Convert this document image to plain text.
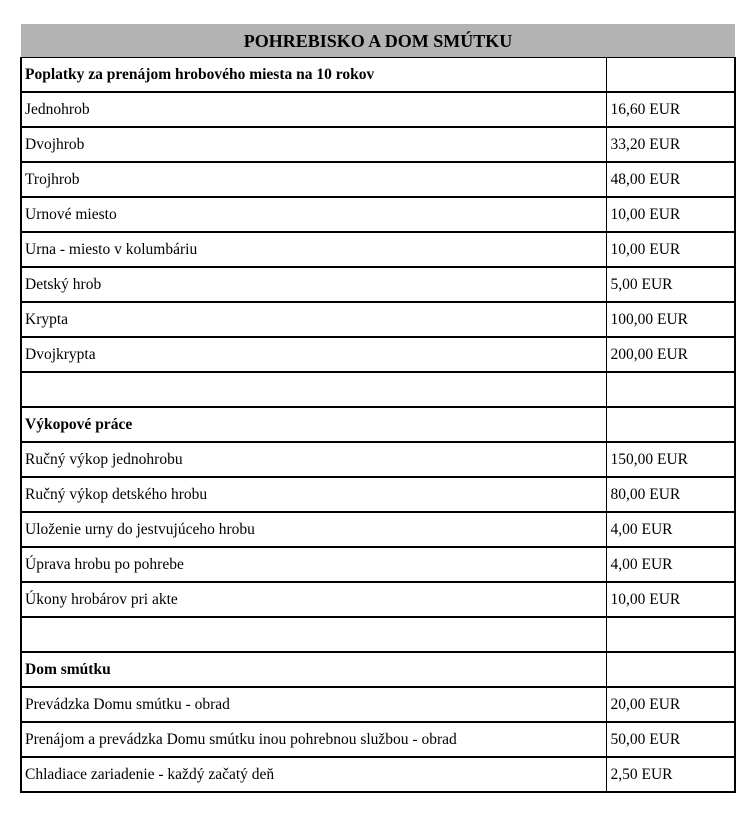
POHREBISKO A DOM SMÚTKU	
Poplatky za prenájom hrobového miesta na 10 rokov	
Jednohrob	16,60 EUR
Dvojhrob	33,20 EUR
Trojhrob	48,00 EUR
Urnové miesto	10,00 EUR
Urna - miesto v kolumbáriu	10,00 EUR
Detský hrob	5,00 EUR
Krypta	100,00 EUR
Dvojkrypta	200,00 EUR

Výkopové práce	
Ručný výkop jednohrobu	150,00 EUR
Ručný výkop detského hrobu	80,00 EUR
Uloženie urny do jestvujúceho hrobu	4,00 EUR
Úprava hrobu po pohrebe	4,00 EUR
Úkony hrobárov pri akte	10,00 EUR

Dom smútku	
Prevádzka Domu smútku - obrad	20,00 EUR
Prenájom a prevádzka Domu smútku inou pohrebnou službou - obrad	50,00 EUR
Chladiace zariadenie - každý začatý deň	2,50 EUR
